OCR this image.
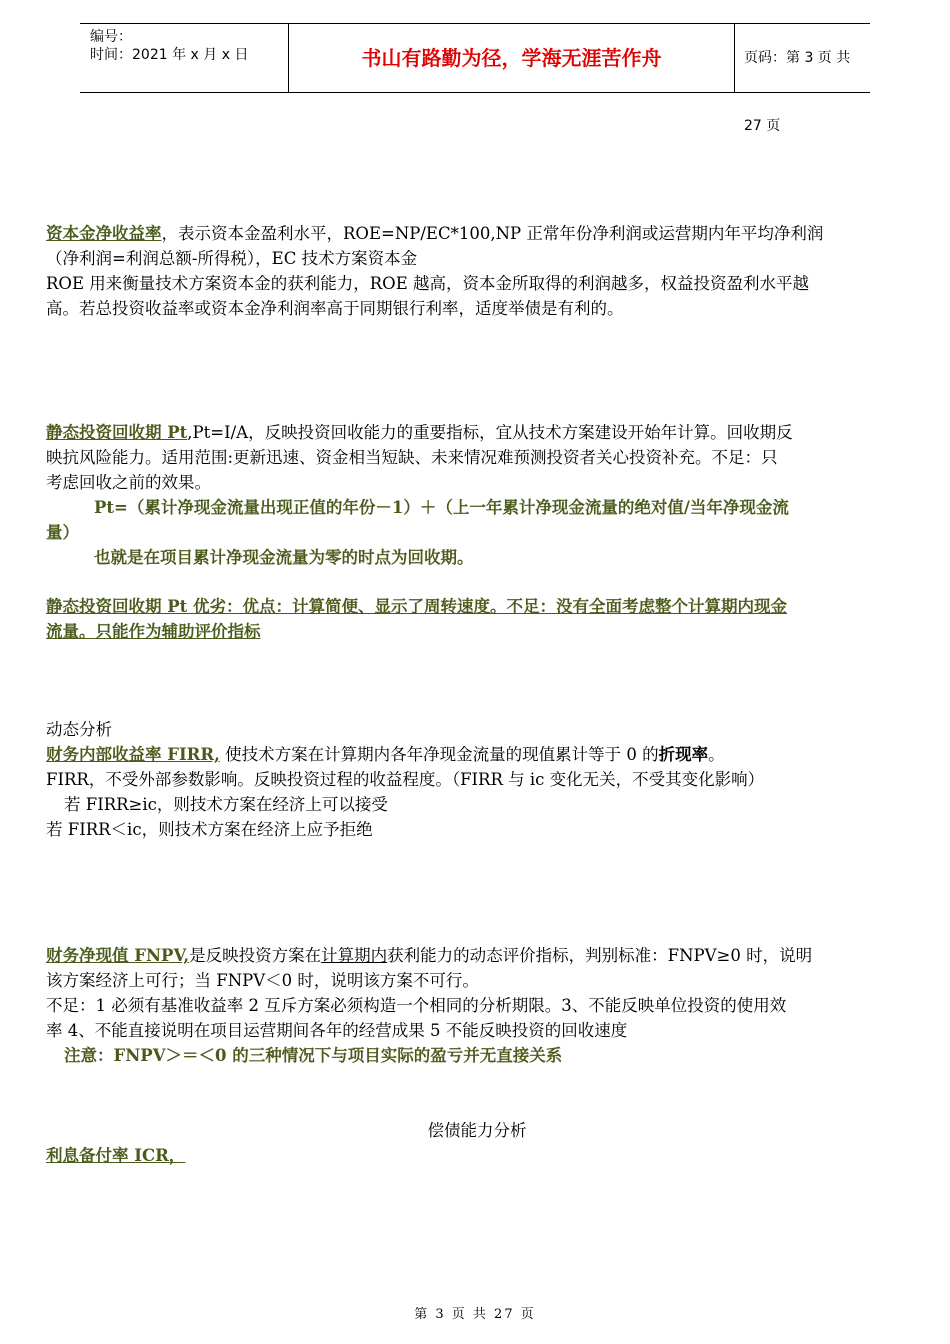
编号：
时间：2021 年 x 月 x 日	书山有路勤为径，学海无涯苦作舟	页码：第 3 页 共 27 页
资本金净收益率，表示资本金盈利水平，ROE=NP/EC*100,NP 正常年份净利润或运营期内年平均净利润
（净利润=利润总额-所得税），EC 技术方案资本金
ROE 用来衡量技术方案资本金的获利能力，ROE 越高，资本金所取得的利润越多，权益投资盈利水平越
高。若总投资收益率或资本金净利润率高于同期银行利率，适度举债是有利的。
静态投资回收期 Pt,Pt=I/A，反映投资回收能力的重要指标，宜从技术方案建设开始年计算。回收期反
映抗风险能力。适用范围:更新迅速、资金相当短缺、未来情况难预测投资者关心投资补充。不足：只
考虑回收之前的效果。
Pt=（累计净现金流量出现正值的年份－1）＋（上一年累计净现金流量的绝对值/当年净现金流
量）
也就是在项目累计净现金流量为零的时点为回收期。
静态投资回收期 Pt 优劣：优点：计算简便、显示了周转速度。不足：没有全面考虑整个计算期内现金
流量。只能作为辅助评价指标
动态分析
财务内部收益率 FIRR, 使技术方案在计算期内各年净现金流量的现值累计等于 0 的折现率。
FIRR，不受外部参数影响。反映投资过程的收益程度。（FIRR 与 ic 变化无关，不受其变化影响）
若 FIRR≥ic，则技术方案在经济上可以接受
若 FIRR＜ic，则技术方案在经济上应予拒绝
财务净现值 FNPV,是反映投资方案在计算期内获利能力的动态评价指标，判别标准：FNPV≥0 时，说明
该方案经济上可行；当 FNPV＜0 时，说明该方案不可行。
不足：1 必须有基准收益率 2 互斥方案必须构造一个相同的分析期限。3、不能反映单位投资的使用效
率 4、不能直接说明在项目运营期间各年的经营成果 5 不能反映投资的回收速度
注意：FNPV＞＝＜0 的三种情况下与项目实际的盈亏并无直接关系
偿债能力分析
利息备付率 ICR，
第 3 页 共 27 页
